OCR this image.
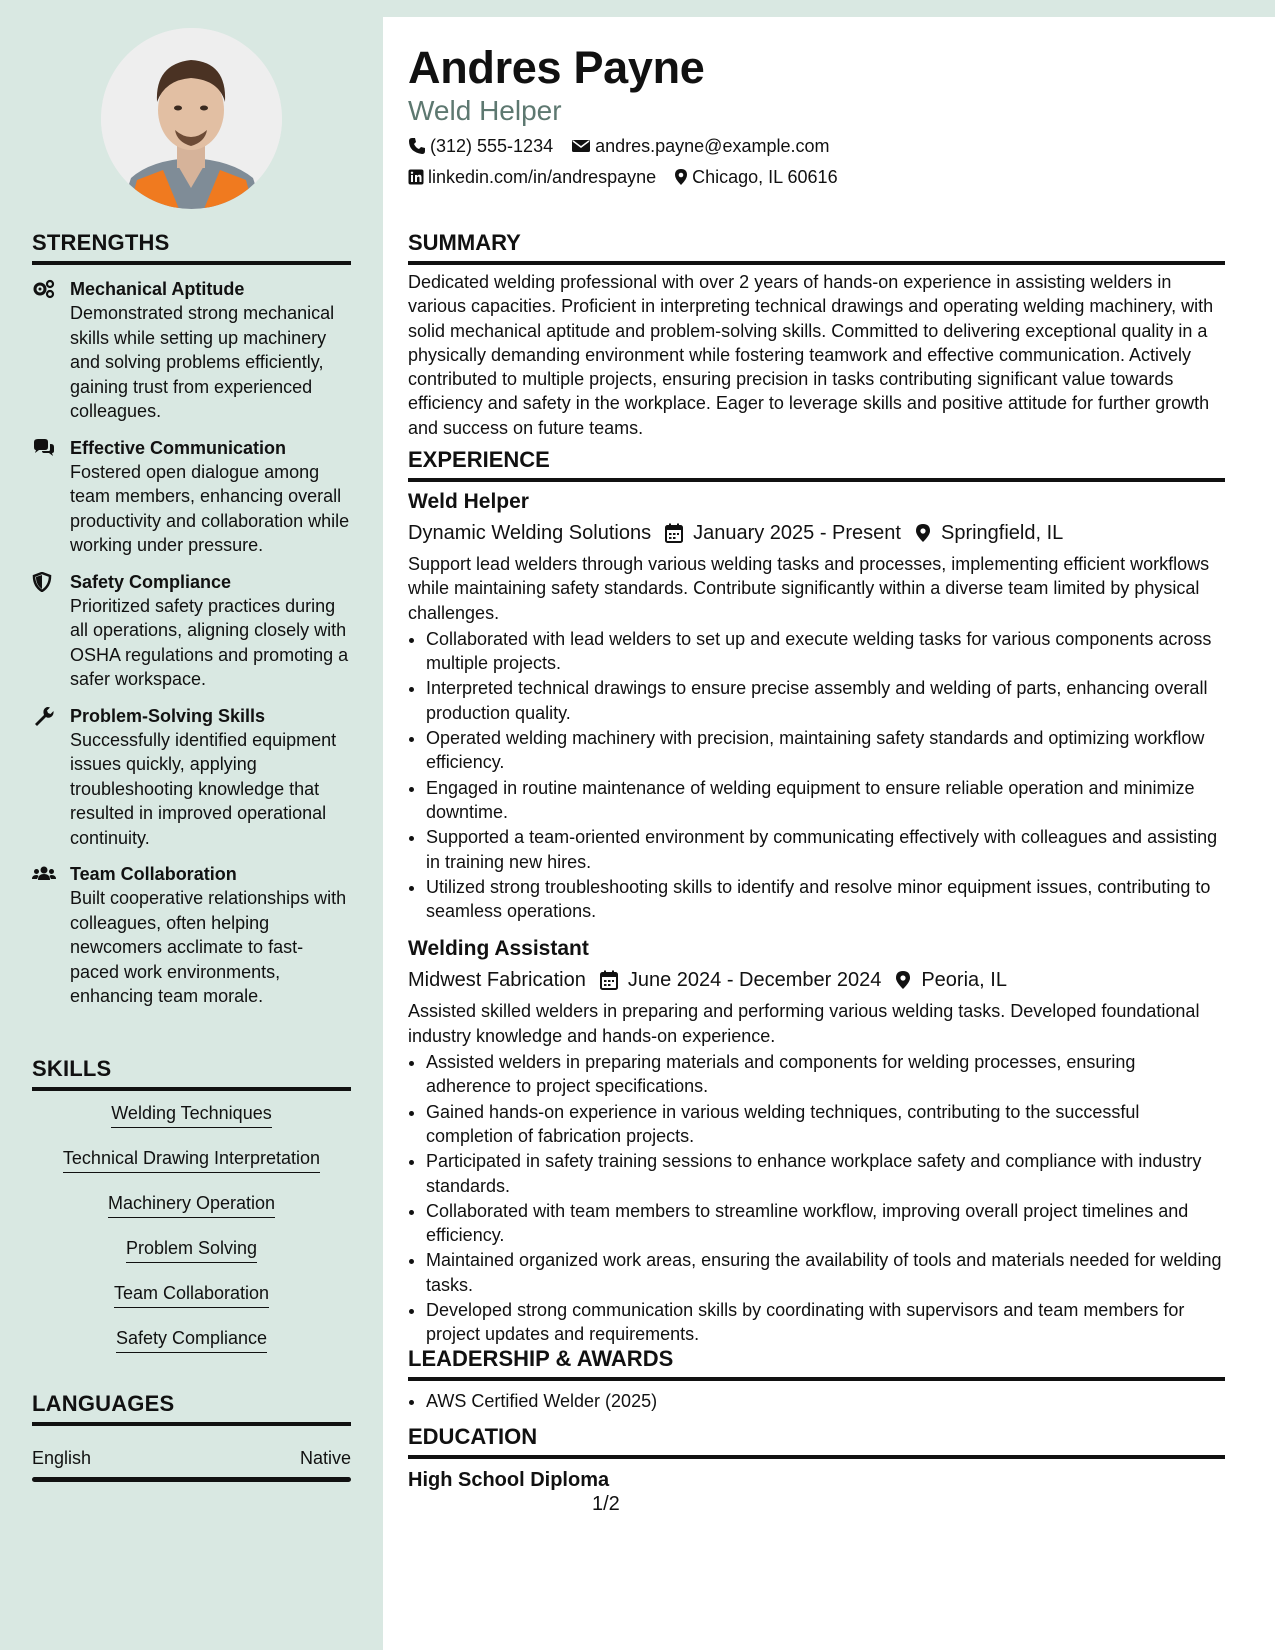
STRENGTHS
Mechanical Aptitude
Demonstrated strong mechanical skills while setting up machinery and solving problems efficiently, gaining trust from experienced colleagues.
Effective Communication
Fostered open dialogue among team members, enhancing overall productivity and collaboration while working under pressure.
Safety Compliance
Prioritized safety practices during all operations, aligning closely with OSHA regulations and promoting a safer workspace.
Problem-Solving Skills
Successfully identified equipment issues quickly, applying troubleshooting knowledge that resulted in improved operational continuity.
Team Collaboration
Built cooperative relationships with colleagues, often helping newcomers acclimate to fast-paced work environments, enhancing team morale.
SKILLS
Welding Techniques
Technical Drawing Interpretation
Machinery Operation
Problem Solving
Team Collaboration
Safety Compliance
LANGUAGES
English	Native
Andres Payne
Weld Helper
(312) 555-1234 andres.payne@example.com
linkedin.com/in/andrespayne Chicago, IL 60616
SUMMARY

Dedicated welding professional with over 2 years of hands-on experience in assisting welders in various capacities. Proficient in interpreting technical drawings and operating welding machinery, with solid mechanical aptitude and problem-solving skills. Committed to delivering exceptional quality in a physically demanding environment while fostering teamwork and effective communication. Actively contributed to multiple projects, ensuring precision in tasks contributing significant value towards efficiency and safety in the workplace. Eager to leverage skills and positive attitude for further growth and success on future teams.

EXPERIENCE
Weld Helper
Dynamic Welding Solutions January 2025 - Present Springfield, IL

Support lead welders through various welding tasks and processes, implementing efficient workflows while maintaining safety standards. Contribute significantly within a diverse team limited by physical challenges.

• Collaborated with lead welders to set up and execute welding tasks for various components across multiple projects.
• Interpreted technical drawings to ensure precise assembly and welding of parts, enhancing overall production quality.
• Operated welding machinery with precision, maintaining safety standards and optimizing workflow efficiency.
• Engaged in routine maintenance of welding equipment to ensure reliable operation and minimize downtime.
• Supported a team-oriented environment by communicating effectively with colleagues and assisting in training new hires.
• Utilized strong troubleshooting skills to identify and resolve minor equipment issues, contributing to seamless operations.
Welding Assistant
Midwest Fabrication June 2024 - December 2024 Peoria, IL

Assisted skilled welders in preparing and performing various welding tasks. Developed foundational industry knowledge and hands-on experience.

• Assisted welders in preparing materials and components for welding processes, ensuring adherence to project specifications.
• Gained hands-on experience in various welding techniques, contributing to the successful completion of fabrication projects.
• Participated in safety training sessions to enhance workplace safety and compliance with industry standards.
• Collaborated with team members to streamline workflow, improving overall project timelines and efficiency.
• Maintained organized work areas, ensuring the availability of tools and materials needed for welding tasks.
• Developed strong communication skills by coordinating with supervisors and team members for project updates and requirements.
LEADERSHIP & AWARDS
• AWS Certified Welder (2025)
EDUCATION
High School Diploma
1/2
